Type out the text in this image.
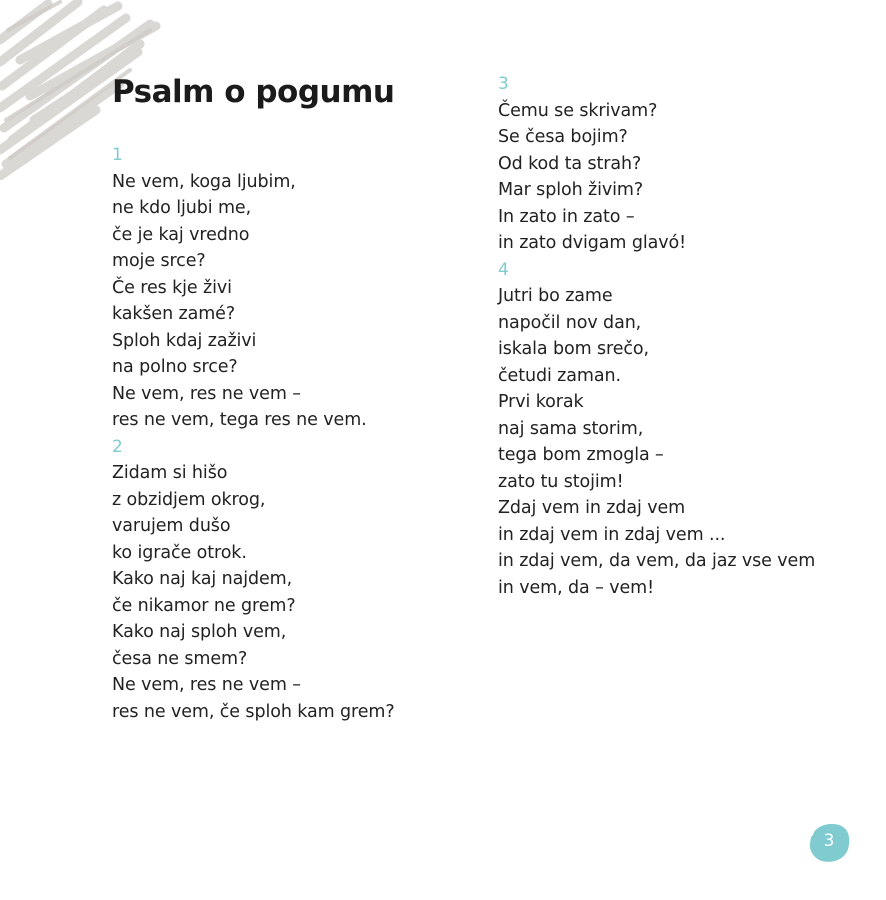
Psalm o pogumu
1
Ne vem, koga ljubim,
ne kdo ljubi me,
če je kaj vredno
moje srce?
Če res kje živi
kakšen zamé?
Sploh kdaj zaživi
na polno srce?
Ne vem, res ne vem –
res ne vem, tega res ne vem.
2
Zidam si hišo
z obzidjem okrog,
varujem dušo
ko igrače otrok.
Kako naj kaj najdem,
če nikamor ne grem?
Kako naj sploh vem,
česa ne smem?
Ne vem, res ne vem –
res ne vem, če sploh kam grem?
3
Čemu se skrivam?
Se česa bojim?
Od kod ta strah?
Mar sploh živim?
In zato in zato –
in zato dvigam glavó!
4
Jutri bo zame
napočil nov dan,
iskala bom srečo,
četudi zaman.
Prvi korak
naj sama storim,
tega bom zmogla –
zato tu stojim!
Zdaj vem in zdaj vem
in zdaj vem in zdaj vem ...
in zdaj vem, da vem, da jaz vse vem
in vem, da – vem!
3
